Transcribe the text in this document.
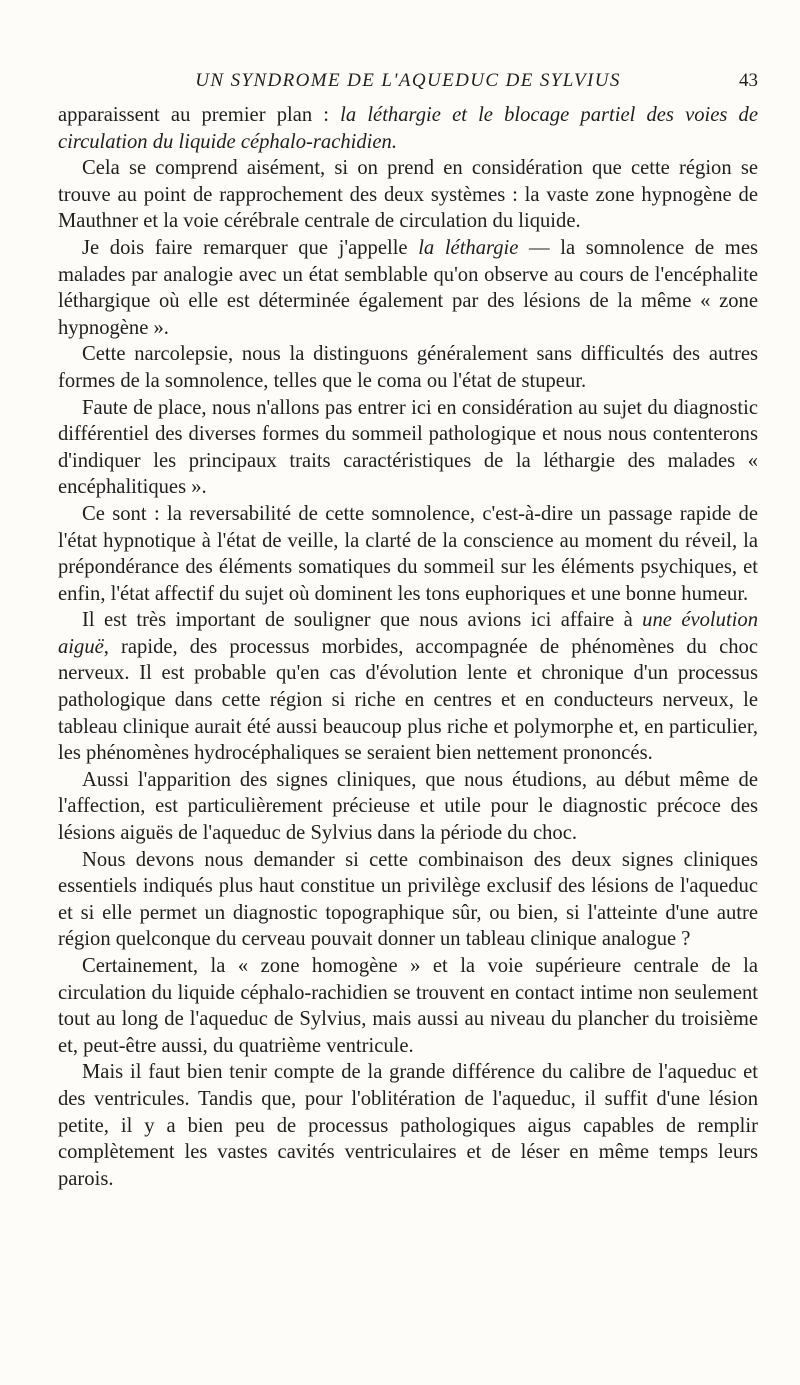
UN SYNDROME DE L'AQUEDUC DE SYLVIUS	43

apparaissent au premier plan : la léthargie et le blocage partiel des voies de circulation du liquide céphalo-rachidien.

Cela se comprend aisément, si on prend en considération que cette région se trouve au point de rapprochement des deux systèmes : la vaste zone hypnogène de Mauthner et la voie cérébrale centrale de circulation du liquide.

Je dois faire remarquer que j'appelle la léthargie — la somnolence de mes malades par analogie avec un état semblable qu'on observe au cours de l'encéphalite léthargique où elle est déterminée également par des lésions de la même « zone hypnogène ».

Cette narcolepsie, nous la distinguons généralement sans difficultés des autres formes de la somnolence, telles que le coma ou l'état de stupeur.

Faute de place, nous n'allons pas entrer ici en considération au sujet du diagnostic différentiel des diverses formes du sommeil pathologique et nous nous contenterons d'indiquer les principaux traits caractéristiques de la léthargie des malades « encéphalitiques ».

Ce sont : la reversabilité de cette somnolence, c'est-à-dire un passage rapide de l'état hypnotique à l'état de veille, la clarté de la conscience au moment du réveil, la prépondérance des éléments somatiques du sommeil sur les éléments psychiques, et enfin, l'état affectif du sujet où dominent les tons euphoriques et une bonne humeur.

Il est très important de souligner que nous avions ici affaire à une évolution aiguë, rapide, des processus morbides, accompagnée de phénomènes du choc nerveux. Il est probable qu'en cas d'évolution lente et chronique d'un processus pathologique dans cette région si riche en centres et en conducteurs nerveux, le tableau clinique aurait été aussi beaucoup plus riche et polymorphe et, en particulier, les phénomènes hydrocéphaliques se seraient bien nettement prononcés.

Aussi l'apparition des signes cliniques, que nous étudions, au début même de l'affection, est particulièrement précieuse et utile pour le diagnostic précoce des lésions aiguës de l'aqueduc de Sylvius dans la période du choc.

Nous devons nous demander si cette combinaison des deux signes cliniques essentiels indiqués plus haut constitue un privilège exclusif des lésions de l'aqueduc et si elle permet un diagnostic topographique sûr, ou bien, si l'atteinte d'une autre région quelconque du cerveau pouvait donner un tableau clinique analogue ?

Certainement, la « zone homogène » et la voie supérieure centrale de la circulation du liquide céphalo-rachidien se trouvent en contact intime non seulement tout au long de l'aqueduc de Sylvius, mais aussi au niveau du plancher du troisième et, peut-être aussi, du quatrième ventricule.

Mais il faut bien tenir compte de la grande différence du calibre de l'aqueduc et des ventricules. Tandis que, pour l'oblitération de l'aqueduc, il suffit d'une lésion petite, il y a bien peu de processus pathologiques aigus capables de remplir complètement les vastes cavités ventriculaires et de léser en même temps leurs parois.
